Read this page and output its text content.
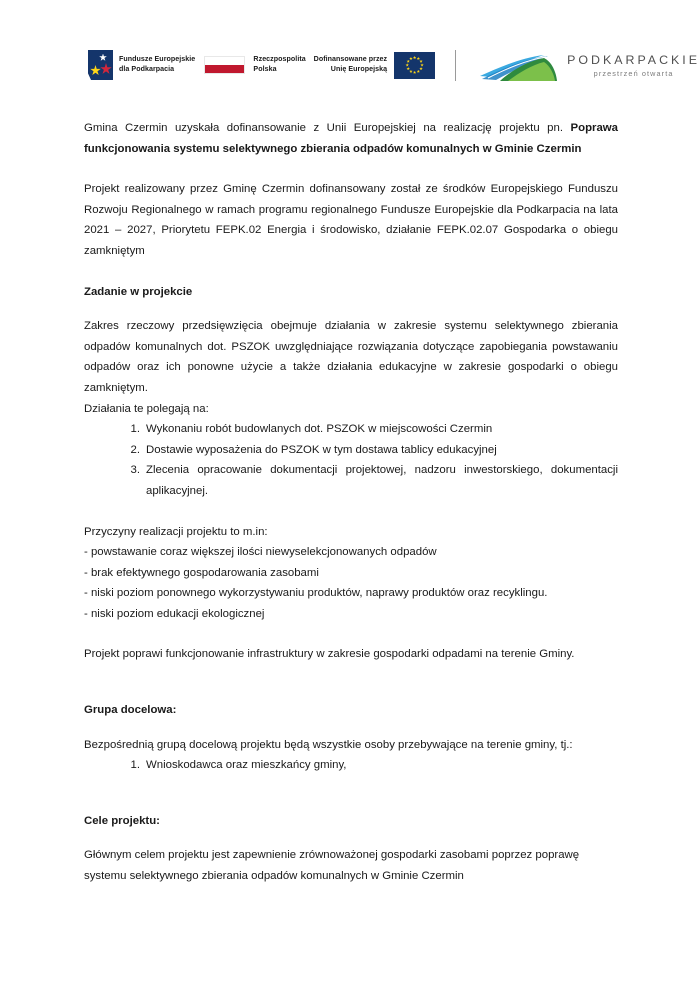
Fundusze Europejskie
dla Podkarpacia
Rzeczpospolita
Polska
Dofinansowane przez
Unię Europejską
PODKARPACKIE
przestrzeń otwarta

Gmina Czermin uzyskała dofinansowanie z Unii Europejskiej na realizację projektu pn. Poprawa funkcjonowania systemu selektywnego zbierania odpadów komunalnych w Gminie Czermin

Projekt realizowany przez Gminę Czermin dofinansowany został ze środków Europejskiego Funduszu Rozwoju Regionalnego w ramach programu regionalnego Fundusze Europejskie dla Podkarpacia na lata 2021 – 2027, Priorytetu FEPK.02 Energia i środowisko, działanie FEPK.02.07 Gospodarka o obiegu zamkniętym

Zadanie w projekcie

Zakres rzeczowy przedsięwzięcia obejmuje działania w zakresie systemu selektywnego zbierania odpadów komunalnych dot. PSZOK uwzględniające rozwiązania dotyczące zapobiegania powstawaniu odpadów oraz ich ponowne użycie a także działania edukacyjne w zakresie gospodarki o obiegu zamkniętym.

Działania te polegają na:

Wykonaniu robót budowlanych dot. PSZOK w miejscowości Czermin
Dostawie wyposażenia do PSZOK w tym dostawa tablicy edukacyjnej
Zlecenia opracowanie dokumentacji projektowej, nadzoru inwestorskiego, dokumentacji aplikacyjnej.

Przyczyny realizacji projektu to m.in:

- powstawanie coraz większej ilości niewyselekcjonowanych odpadów
- brak efektywnego gospodarowania zasobami
- niski poziom ponownego wykorzystywaniu produktów, naprawy produktów oraz recyklingu.
- niski poziom edukacji ekologicznej

Projekt poprawi funkcjonowanie infrastruktury w zakresie gospodarki odpadami na terenie Gminy.

Grupa docelowa:

Bezpośrednią grupą docelową projektu będą wszystkie osoby przebywające na terenie gminy, tj.:

Wnioskodawca oraz mieszkańcy gminy,
Cele projektu:

Głównym celem projektu jest zapewnienie zrównoważonej gospodarki zasobami poprzez poprawę systemu selektywnego zbierania odpadów komunalnych w Gminie Czermin
